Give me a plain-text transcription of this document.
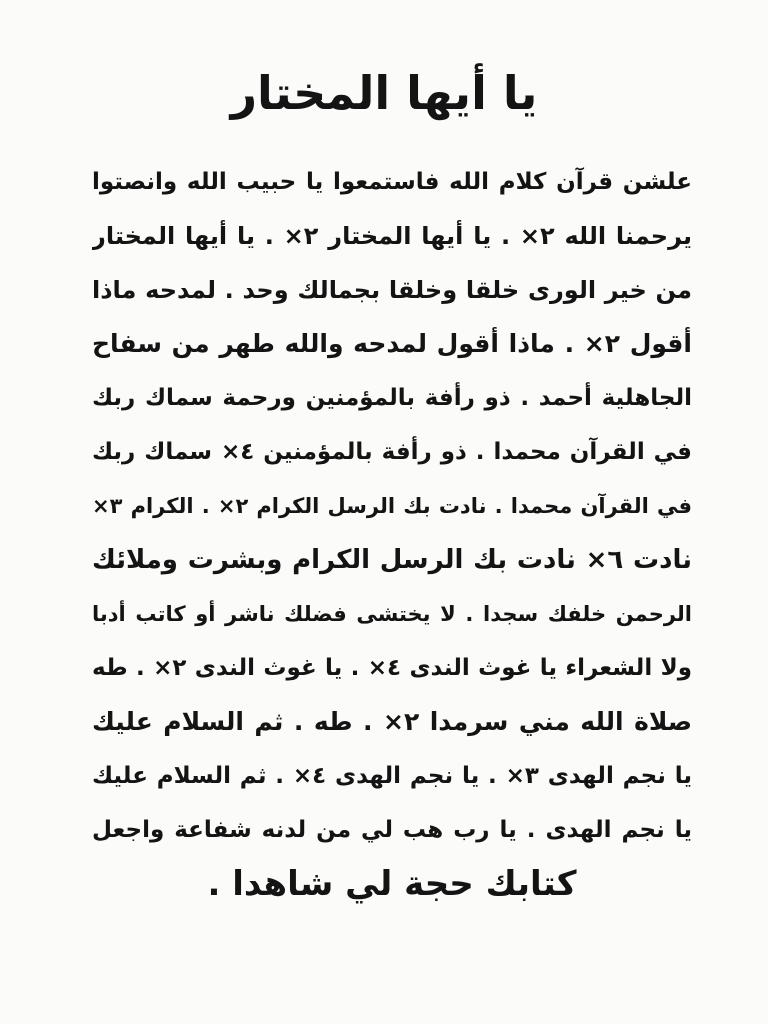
يا أيها المختار
علشن قرآن كلام الله فاستمعوا يا حبيب الله وانصتوا
يرحمنا الله ٢× . يا أيها المختار ٢× . يا أيها المختار
من خير الورى خلقا وخلقا بجمالك وحد . لمدحه ماذا
أقول ٢× . ماذا أقول لمدحه والله طهر من سفاح
الجاهلية أحمد . ذو رأفة بالمؤمنين ورحمة سماك ربك
في القرآن محمدا . ذو رأفة بالمؤمنين ٤× سماك ربك
في القرآن محمدا . نادت بك الرسل الكرام ٢× . الكرام ٣×
نادت ٦× نادت بك الرسل الكرام وبشرت وملائك
الرحمن خلفك سجدا . لا يختشى فضلك ناشر أو كاتب أدبا
ولا الشعراء يا غوث الندى ٤× . يا غوث الندى ٢× . طه
صلاة الله مني سرمدا ٢× . طه . ثم السلام عليك
يا نجم الهدى ٣× . يا نجم الهدى ٤× . ثم السلام عليك
يا نجم الهدى . يا رب هب لي من لدنه شفاعة واجعل
كتابك حجة لي شاهدا .
